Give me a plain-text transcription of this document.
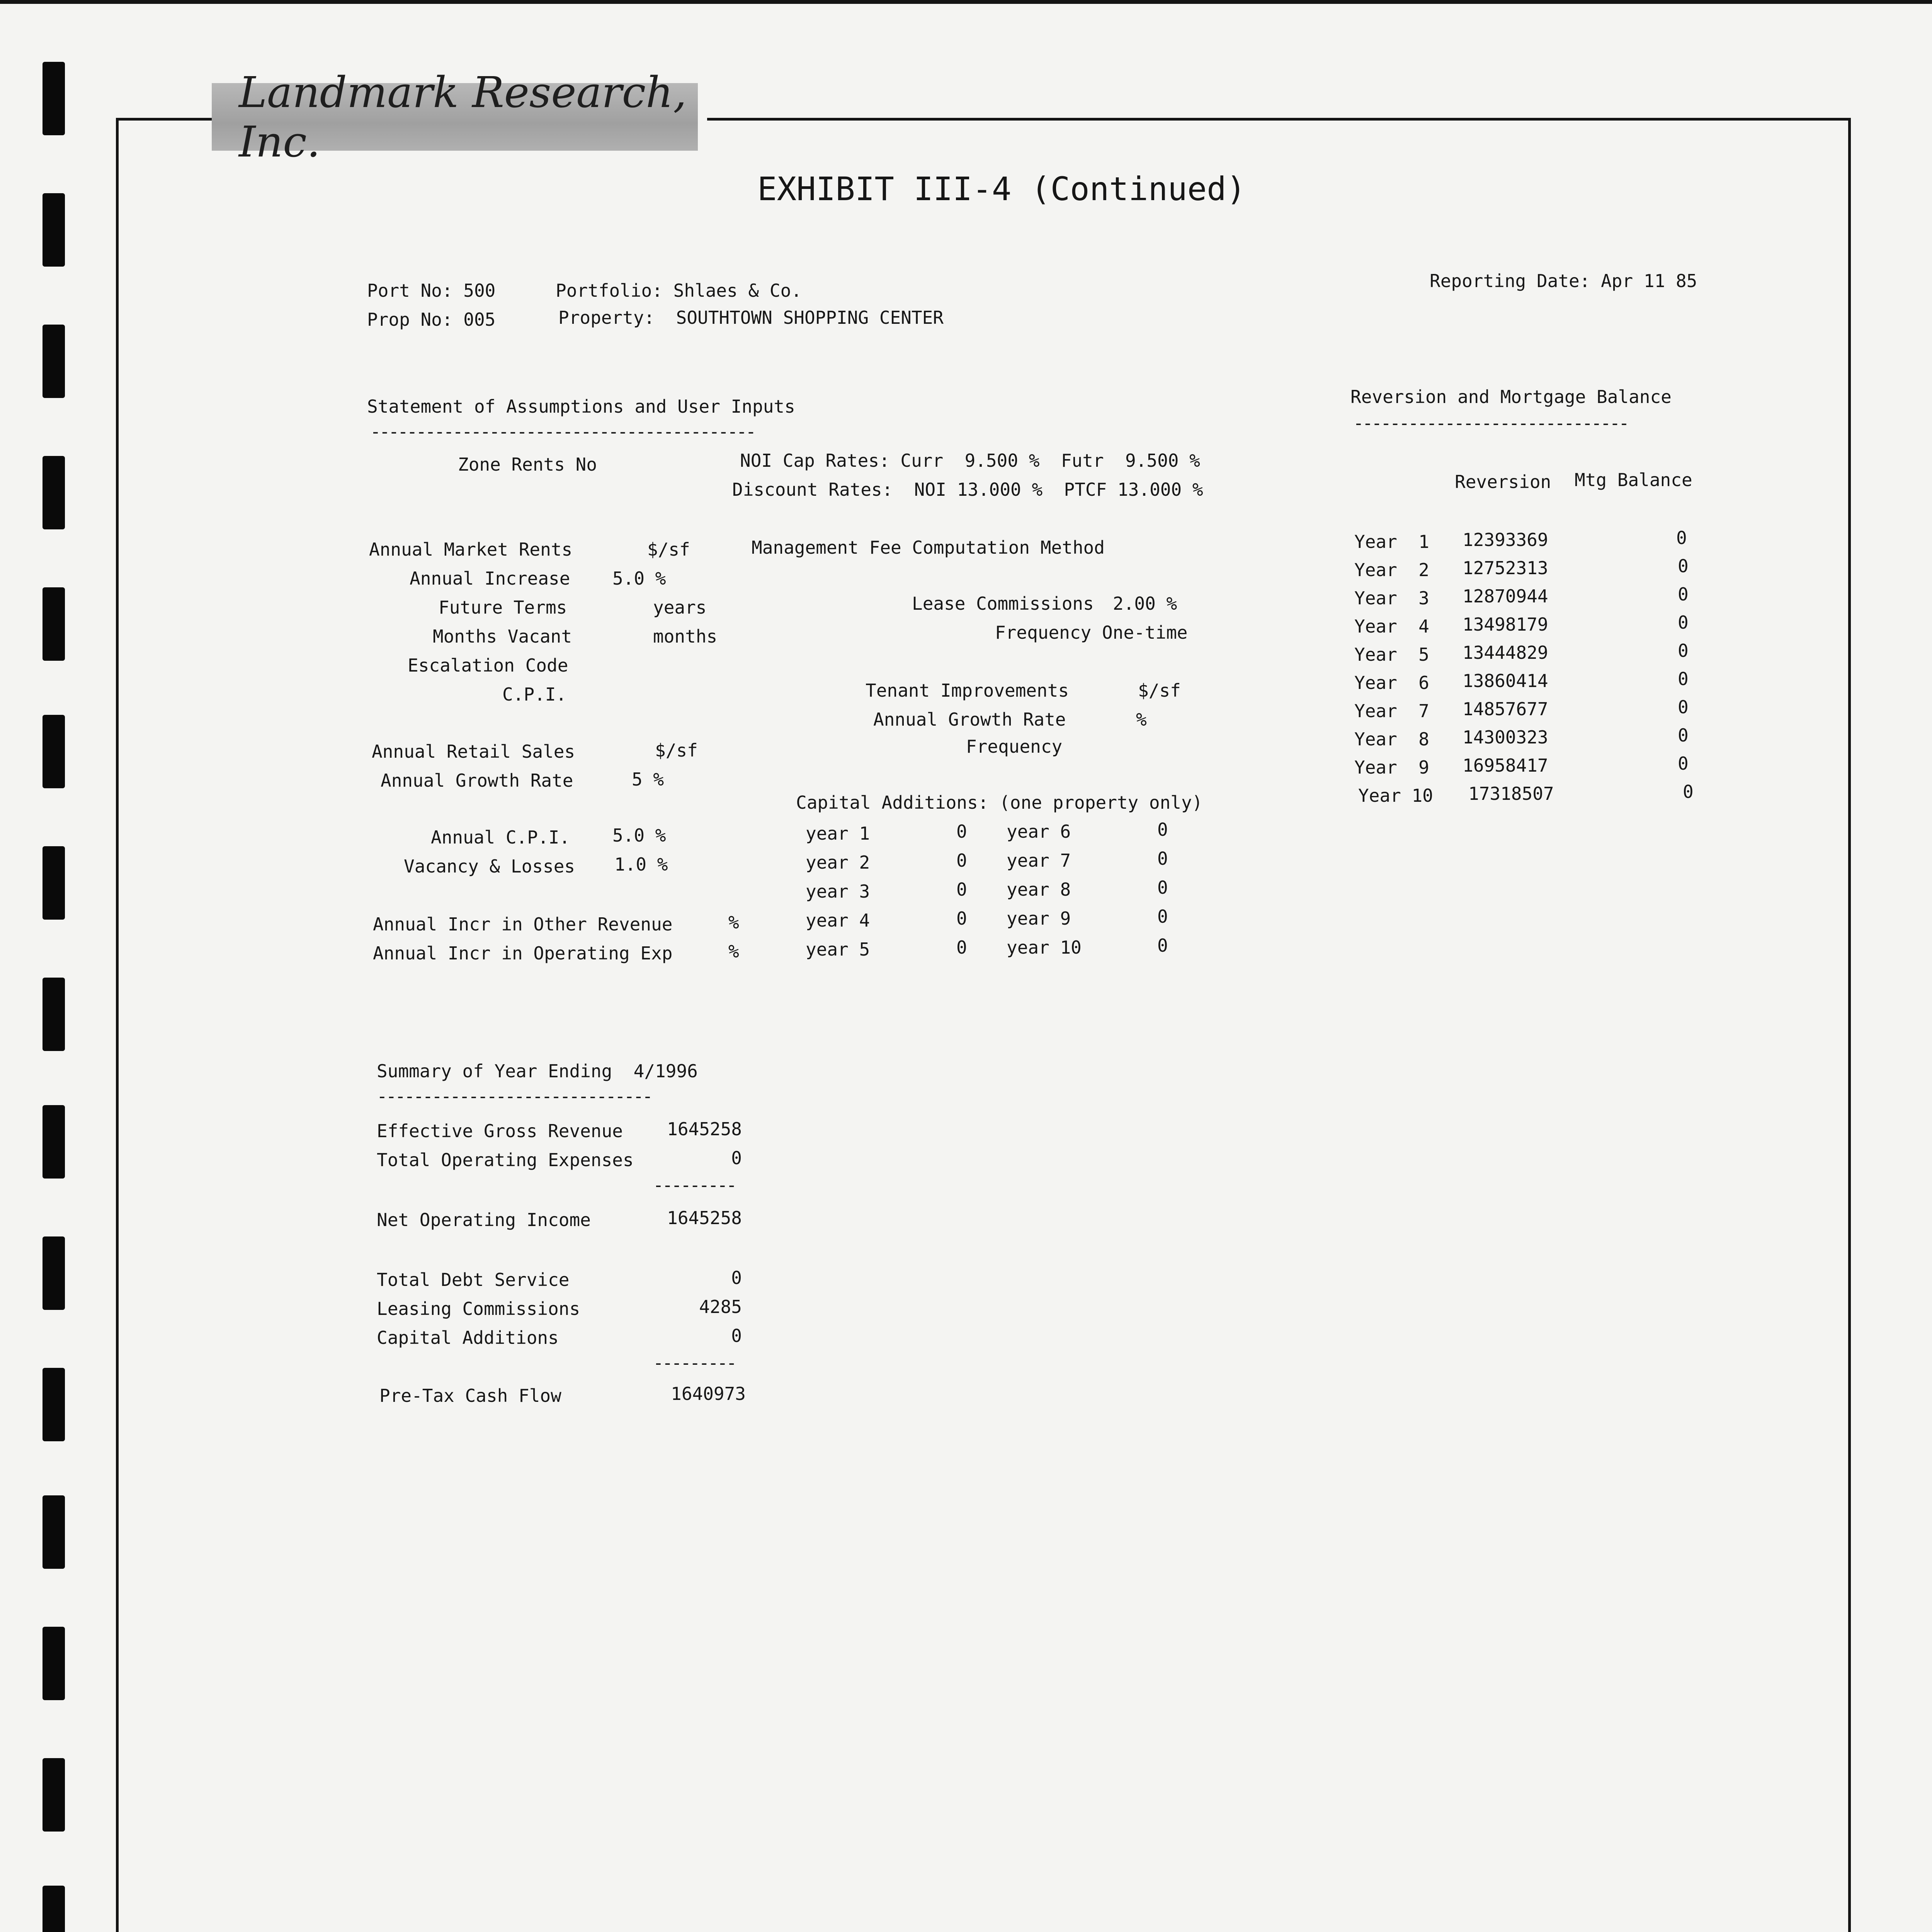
Landmark Research, Inc.
EXHIBIT III-4 (Continued)
Port No: 500
Prop No: 005
Portfolio: Shlaes & Co.
Property:  SOUTHTOWN SHOPPING CENTER
Reporting Date: Apr 11 85
Statement of Assumptions and User Inputs
------------------------------------------
Zone Rents No	NOI Cap Rates: Curr  9.500 %  Futr  9.500 %
Discount Rates:  NOI 13.000 %  PTCF 13.000 %
Annual Market Rents	$/sf
Annual Increase 5.0 %
Future Terms	years
Months Vacant	months
Escalation Code
C.P.I.
Management Fee Computation Method
Lease Commissions 2.00 %
Frequency One-time
Tenant Improvements	$/sf
Annual Growth Rate	%
Frequency
Annual Retail Sales	$/sf
Annual Growth Rate	5 %
Capital Additions: (one property only)
year 1	0
year 2	0
year 3	0
year 4	0
year 5	0
year 6	0
year 7	0
year 8	0
year 9	0
year 10	0
Annual C.P.I. 5.0 %
Vacancy & Losses 1.0 %
Annual Incr in Other Revenue	%
Annual Incr in Operating Exp	%
Reversion and Mortgage Balance
------------------------------
Reversion Mtg Balance
Year  1 12393369	0
Year  2 12752313	0
Year  3 12870944	0
Year  4 13498179	0
Year  5 13444829	0
Year  6 13860414	0
Year  7 14857677	0
Year  8 14300323	0
Year  9 16958417	0
Year 10 17318507	0
Summary of Year Ending  4/1996
------------------------------
Effective Gross Revenue	1645258
Total Operating Expenses	0
---------
Net Operating Income	1645258
Total Debt Service	0
Leasing Commissions	4285
Capital Additions	0
---------
Pre-Tax Cash Flow	1640973
